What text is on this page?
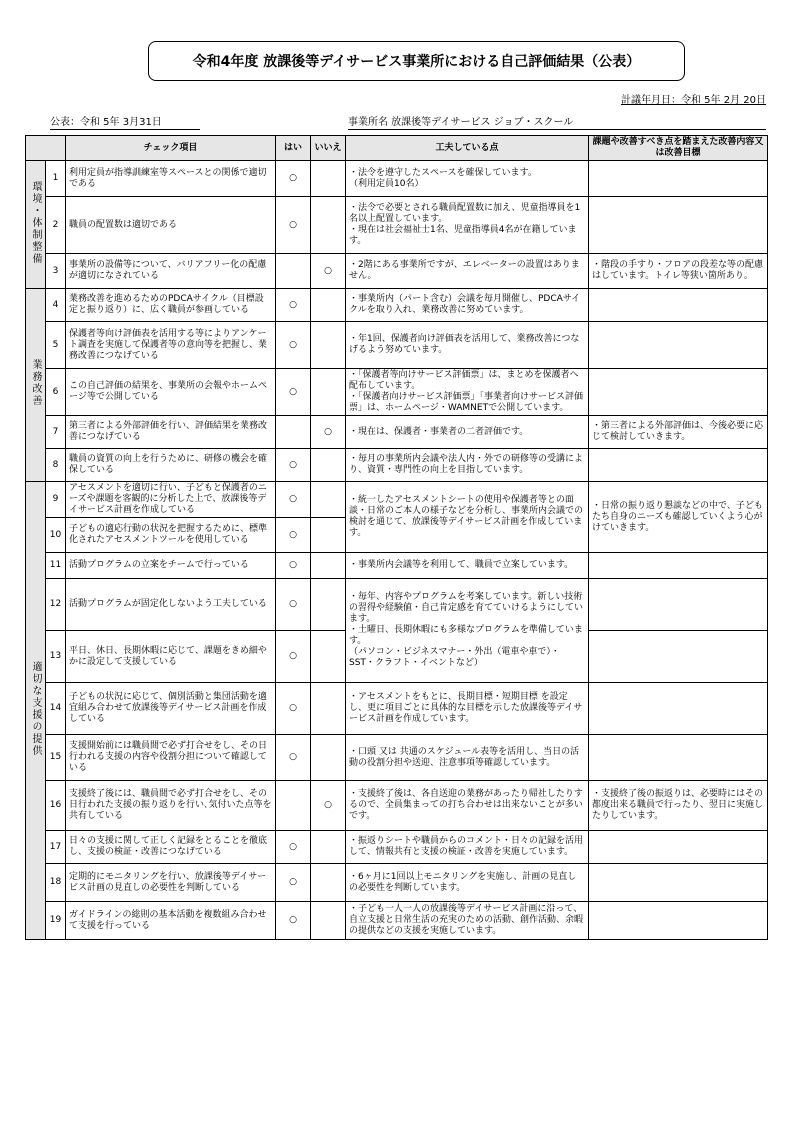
令和4年度 放課後等デイサービス事業所における自己評価結果（公表）
計議年月日：令和 5年 2月 20日
公表：令和 5年 3月31日	事業所名 放課後等デイサービス ジョブ・スクール
		チェック項目	はい	いいえ	工夫している点	課題や改善すべき点を踏まえた改善内容又は改善目標
環境・体制整備	1	利用定員が指導訓練室等スペースとの関係で適切である	○		・法令を遵守したスペースを確保しています。
（利用定員10名）	

	2	職員の配置数は適切である	○		・法令で必要とされる職員配置数に加え、児童指導員を1名以上配置しています。
・現在は社会福祉士1名、児童指導員4名が在籍しています。	

	3	事業所の設備等について、バリアフリー化の配慮が適切になされている		○	・2階にある事業所ですが、エレベーターの設置はありません。	・階段の手すり・フロアの段差な等の配慮はしています。トイレ等狭い箇所あり。

業務改善	4	業務改善を進めるためのPDCAサイクル（目標設定と振り返り）に、広く職員が参画している	○		・事業所内（パート含む）会議を毎月開催し、PDCAサイクルを取り入れ、業務改善に努めています。	

	5	保護者等向け評価表を活用する等によりアンケート調査を実施して保護者等の意向等を把握し、業務改善につなげている	○		・年1回、保護者向け評価表を活用して、業務改善につなげるよう努めています。	

	6	この自己評価の結果を、事業所の会報やホームページ等で公開している	○		・「保護者等向けサービス評価票」は、まとめを保護者へ配布しています。
・「保護者向けサービス評価票」「事業者向けサービス評価票」は、ホームページ・WAMNETで公開しています。	

	7	第三者による外部評価を行い、評価結果を業務改善につなげている		○	・現在は、保護者・事業者の二者評価です。	・第三者による外部評価は、今後必要に応じて検討していきます。

	8	職員の資質の向上を行うために、研修の機会を確保している	○		・毎月の事業所内会議や法人内・外での研修等の受講により、資質・専門性の向上を目指しています。	

適切な支援の提供	9	アセスメントを適切に行い、子どもと保護者のニーズや課題を客観的に分析した上で、放課後等デイサービス計画を作成している	○		・統一したアセスメントシートの使用や保護者等との面談・日常のご本人の様子などを分析し、事業所内会議での検討を通じて、放課後等デイサービス計画を作成しています。	・日常の振り返り懇談などの中で、子どもたち自身のニーズも確認していくよう心がけていきます。

	10	子どもの適応行動の状況を把握するために、標準化されたアセスメントツールを使用している	○			
	11	活動プログラムの立案をチームで行っている	○		・事業所内会議等を利用して、職員で立案しています。	

	12	活動プログラムが固定化しないよう工夫している	○		・毎年、内容やプログラムを考案しています。新しい技術の習得や経験値・自己肯定感を育てていけるようにしています。
・土曜日、長期休暇にも多様なプログラムを準備しています。
（パソコン・ビジネスマナー・外出（電車や車で）・SST・クラフト・イベントなど）	

	13	平日、休日、長期休暇に応じて、課題をきめ細やかに設定して支援している	○			
	14	子どもの状況に応じて、個別活動と集団活動を適宜組み合わせて放課後等デイサービス計画を作成している	○		・アセスメントをもとに、長期目標・短期目標 を設定し、更に項目ごとに具体的な目標を示した放課後等デイサービス計画を作成しています。	

	15	支援開始前には職員間で必ず打合せをし、その日行われる支援の内容や役割分担について確認している	○		・口頭 又は 共通のスケジュール表等を活用し、当日の活動の役割分担や送迎、注意事項等確認しています。	

	16	支援終了後には、職員間で必ず打合せをし、その日行われた支援の振り返りを行い､気付いた点等を共有している		○	・支援終了後は、各自送迎の業務があったり帰社したりするので、全員集まっての打ち合わせは出来ないことが多いです。	・支援終了後の振返りは、必要時にはその都度出来る職員で行ったり、翌日に実施したりしています。

	17	日々の支援に関して正しく記録をとることを徹底し、支援の検証・改善につなげている	○		・振返りシートや職員からのコメント・日々の記録を活用して、情報共有と支援の検証・改善を実施しています。	

	18	定期的にモニタリングを行い、放課後等デイサービス計画の見直しの必要性を判断している	○		・6ヶ月に1回以上モニタリングを実施し、計画の見直しの必要性を判断しています。	

	19	ガイドラインの総則の基本活動を複数組み合わせて支援を行っている	○		・子ども一人一人の放課後等デイサービス計画に沿って、自立支援と日常生活の充実のための活動、創作活動、余暇の提供などの支援を実施しています。	
